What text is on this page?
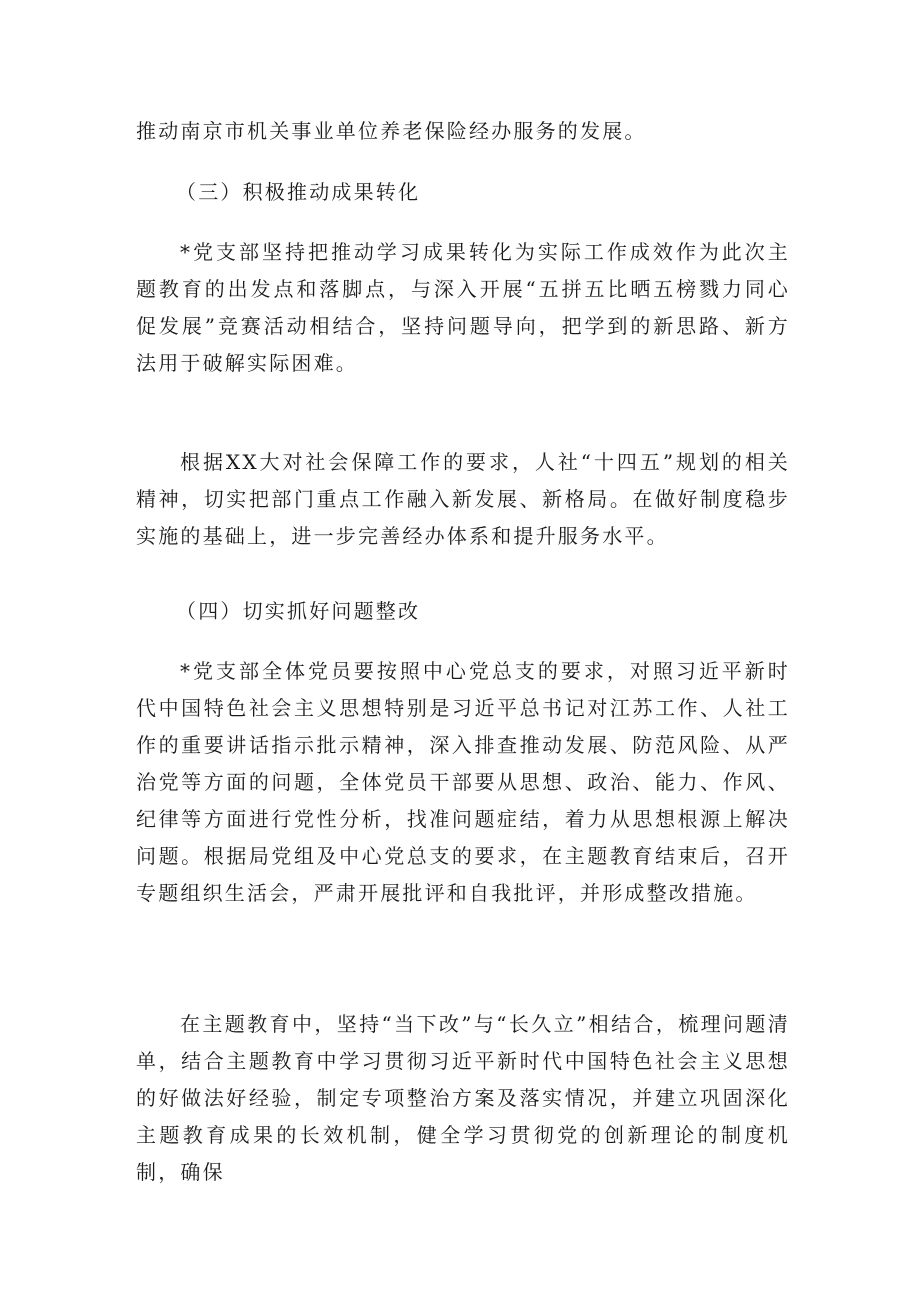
推动南京市机关事业单位养老保险经办服务的发展。

（三）积极推动成果转化

*党支部坚持把推动学习成果转化为实际工作成效作为此次主题教育的出发点和落脚点，与深入开展“五拼五比晒五榜戮力同心促发展”竞赛活动相结合，坚持问题导向，把学到的新思路、新方法用于破解实际困难。

根据XX大对社会保障工作的要求，人社“十四五”规划的相关精神，切实把部门重点工作融入新发展、新格局。在做好制度稳步实施的基础上，进一步完善经办体系和提升服务水平。

（四）切实抓好问题整改

*党支部全体党员要按照中心党总支的要求，对照习近平新时代中国特色社会主义思想特别是习近平总书记对江苏工作、人社工作的重要讲话指示批示精神，深入排查推动发展、防范风险、从严治党等方面的问题，全体党员干部要从思想、政治、能力、作风、纪律等方面进行党性分析，找准问题症结，着力从思想根源上解决问题。根据局党组及中心党总支的要求，在主题教育结束后，召开专题组织生活会，严肃开展批评和自我批评，并形成整改措施。

在主题教育中，坚持“当下改”与“长久立”相结合，梳理问题清单，结合主题教育中学习贯彻习近平新时代中国特色社会主义思想的好做法好经验，制定专项整治方案及落实情况，并建立巩固深化主题教育成果的长效机制，健全学习贯彻党的创新理论的制度机制，确保
